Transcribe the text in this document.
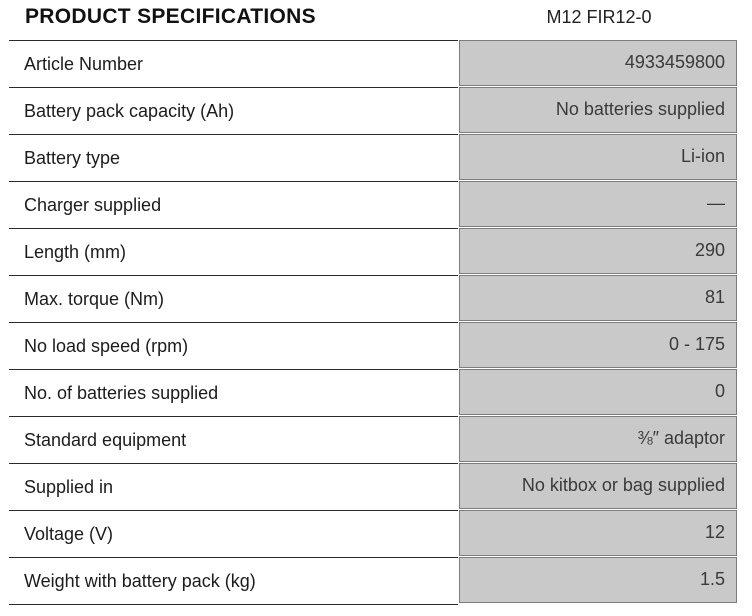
PRODUCT SPECIFICATIONS	M12 FIR12-0
Article Number	4933459800
Battery pack capacity (Ah)	No batteries supplied
Battery type	Li-ion
Charger supplied	—
Length (mm)	290
Max. torque (Nm)	81
No load speed (rpm)	0 - 175
No. of batteries supplied	0
Standard equipment	⅜″ adaptor
Supplied in	No kitbox or bag supplied
Voltage (V)	12
Weight with battery pack (kg)	1.5
